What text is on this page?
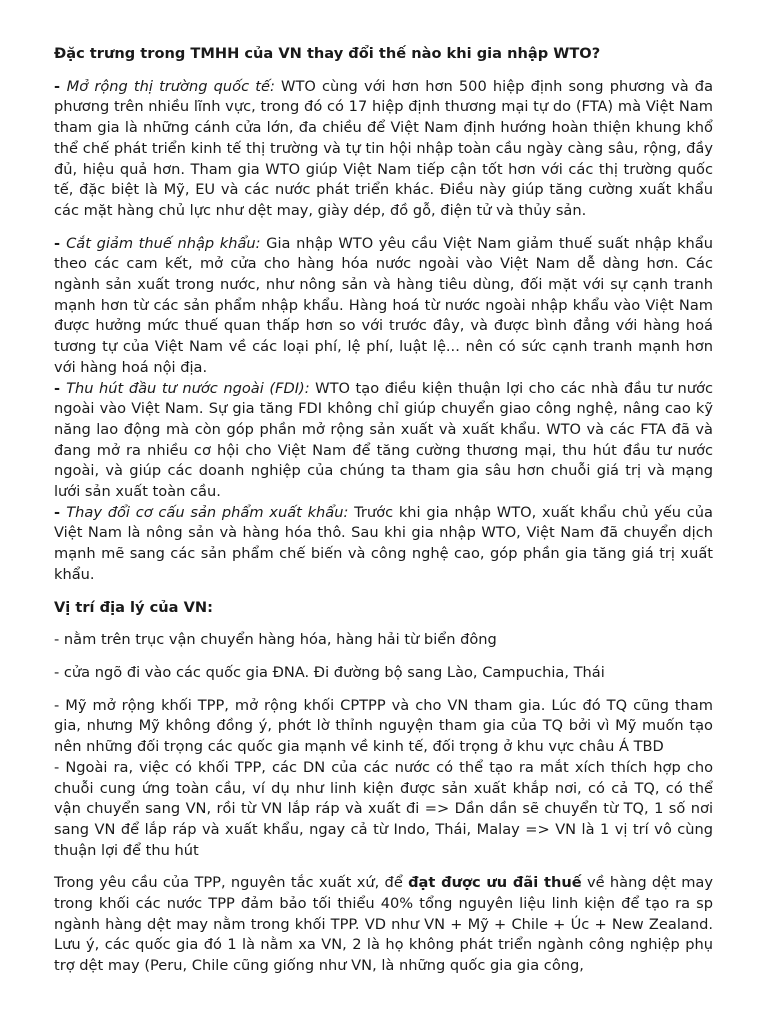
Đặc trưng trong TMHH của VN thay đổi thế nào khi gia nhập WTO?

- Mở rộng thị trường quốc tế: WTO cùng với hơn hơn 500 hiệp định song phương và đa phương trên nhiều lĩnh vực, trong đó có 17 hiệp định thương mại tự do (FTA) mà Việt Nam tham gia là những cánh cửa lớn, đa chiều để Việt Nam định hướng hoàn thiện khung khổ thể chế phát triển kinh tế thị trường và tự tin hội nhập toàn cầu ngày càng sâu, rộng, đầy đủ, hiệu quả hơn. Tham gia WTO giúp Việt Nam tiếp cận tốt hơn với các thị trường quốc tế, đặc biệt là Mỹ, EU và các nước phát triển khác. Điều này giúp tăng cường xuất khẩu các mặt hàng chủ lực như dệt may, giày dép, đồ gỗ, điện tử và thủy sản.

- Cắt giảm thuế nhập khẩu: Gia nhập WTO yêu cầu Việt Nam giảm thuế suất nhập khẩu theo các cam kết, mở cửa cho hàng hóa nước ngoài vào Việt Nam dễ dàng hơn. Các ngành sản xuất trong nước, như nông sản và hàng tiêu dùng, đối mặt với sự cạnh tranh mạnh hơn từ các sản phẩm nhập khẩu. Hàng hoá từ nước ngoài nhập khẩu vào Việt Nam được hưởng mức thuế quan thấp hơn so với trước đây, và được bình đẳng với hàng hoá tương tự của Việt Nam về các loại phí, lệ phí, luật lệ... nên có sức cạnh tranh mạnh hơn với hàng hoá nội địa.

- Thu hút đầu tư nước ngoài (FDI): WTO tạo điều kiện thuận lợi cho các nhà đầu tư nước ngoài vào Việt Nam. Sự gia tăng FDI không chỉ giúp chuyển giao công nghệ, nâng cao kỹ năng lao động mà còn góp phần mở rộng sản xuất và xuất khẩu. WTO và các FTA đã và đang mở ra nhiều cơ hội cho Việt Nam để tăng cường thương mại, thu hút đầu tư nước ngoài, và giúp các doanh nghiệp của chúng ta tham gia sâu hơn chuỗi giá trị và mạng lưới sản xuất toàn cầu.

- Thay đổi cơ cấu sản phẩm xuất khẩu: Trước khi gia nhập WTO, xuất khẩu chủ yếu của Việt Nam là nông sản và hàng hóa thô. Sau khi gia nhập WTO, Việt Nam đã chuyển dịch mạnh mẽ sang các sản phẩm chế biến và công nghệ cao, góp phần gia tăng giá trị xuất khẩu.

Vị trí địa lý của VN:

- nằm trên trục vận chuyển hàng hóa, hàng hải từ biển đông

- cửa ngõ đi vào các quốc gia ĐNA. Đi đường bộ sang Lào, Campuchia, Thái

- Mỹ mở rộng khối TPP, mở rộng khối CPTPP và cho VN tham gia. Lúc đó TQ cũng tham gia, nhưng Mỹ không đồng ý, phớt lờ thỉnh nguyện tham gia của TQ bởi vì Mỹ muốn tạo nên những đối trọng các quốc gia mạnh về kinh tế, đối trọng ở khu vực châu Á TBD

- Ngoài ra, việc có khối TPP, các DN của các nước có thể tạo ra mắt xích thích hợp cho chuỗi cung ứng toàn cầu, ví dụ như linh kiện được sản xuất khắp nơi, có cả TQ, có thể vận chuyển sang VN, rồi từ VN lắp ráp và xuất đi => Dần dần sẽ chuyển từ TQ, 1 số nơi sang VN để lắp ráp và xuất khẩu, ngay cả từ Indo, Thái, Malay => VN là 1 vị trí vô cùng thuận lợi để thu hút

Trong yêu cầu của TPP, nguyên tắc xuất xứ, để đạt được ưu đãi thuế về hàng dệt may trong khối các nước TPP đảm bảo tối thiểu 40% tổng nguyên liệu linh kiện để tạo ra sp ngành hàng dệt may nằm trong khối TPP. VD như VN + Mỹ + Chile + Úc + New Zealand. Lưu ý, các quốc gia đó 1 là nằm xa VN, 2 là họ không phát triển ngành công nghiệp phụ trợ dệt may (Peru, Chile cũng giống như VN, là những quốc gia gia công,
